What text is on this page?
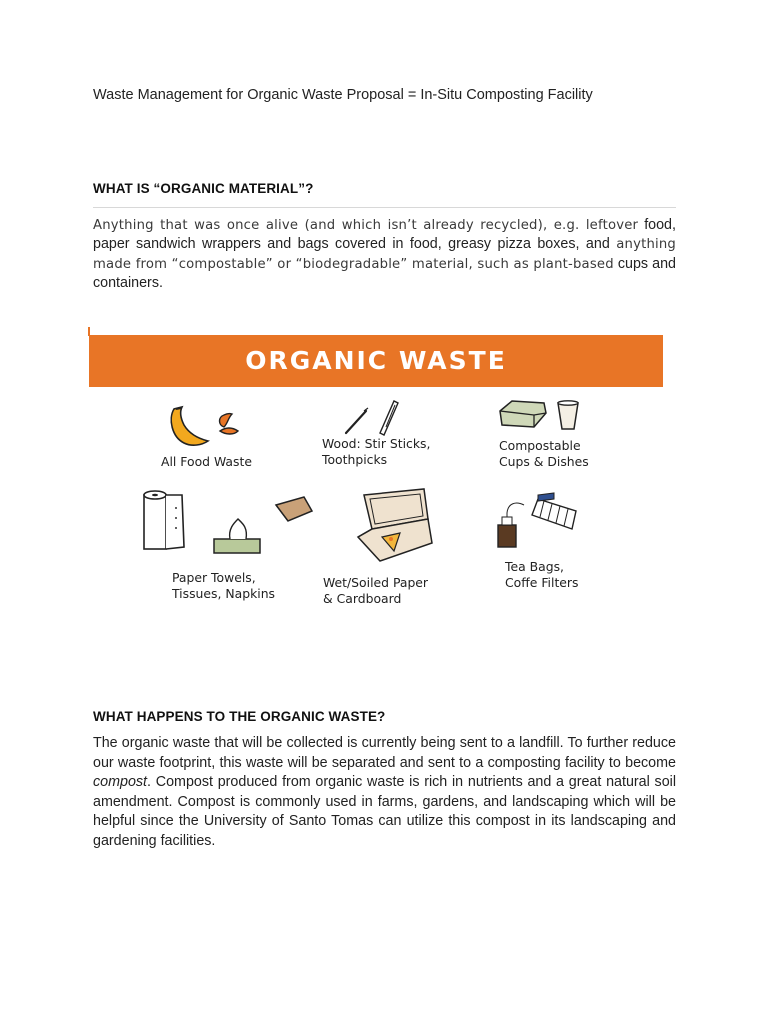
Waste Management for Organic Waste Proposal = In-Situ Composting Facility
WHAT IS “ORGANIC MATERIAL”?
Anything that was once alive (and which isn’t already recycled), e.g. leftover food, paper sandwich wrappers and bags covered in food, greasy pizza boxes, and anything made from “compostable” or “biodegradable” material, such as plant-based cups and containers.
ORGANIC WASTE
All Food Waste
Wood: Stir Sticks,
Toothpicks
Compostable
Cups & Dishes
Paper Towels,
Tissues, Napkins
Wet/Soiled Paper
& Cardboard
Tea Bags,
Coffe Filters
WHAT HAPPENS TO THE ORGANIC WASTE?
The organic waste that will be collected is currently being sent to a landfill. To further reduce our waste footprint, this waste will be separated and sent to a composting facility to become compost. Compost produced from organic waste is rich in nutrients and a great natural soil amendment. Compost is commonly used in farms, gardens, and landscaping which will be helpful since the University of Santo Tomas can utilize this compost in its landscaping and gardening facilities.
